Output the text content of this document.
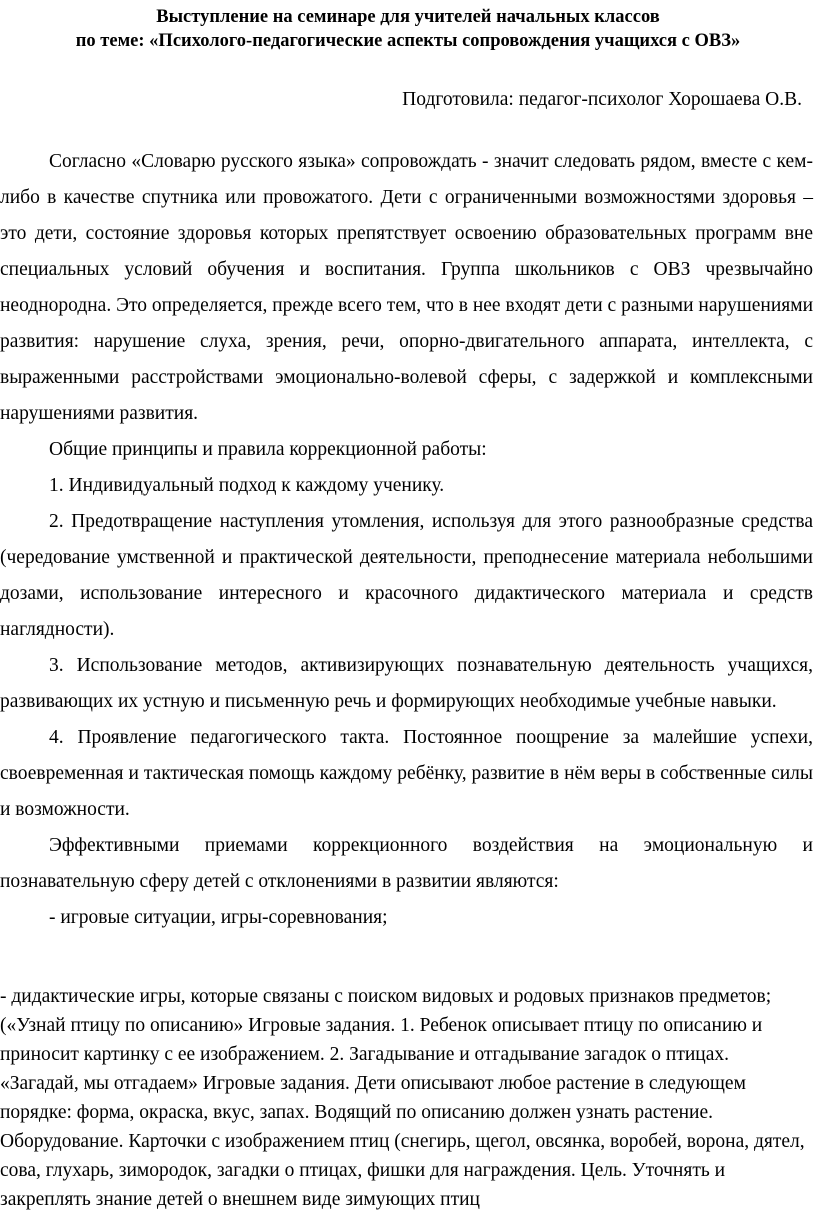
Выступление на семинаре для учителей начальных классов
по теме: «Психолого-педагогические аспекты сопровождения учащихся с ОВЗ»
Подготовила: педагог-психолог Хорошаева О.В.

Согласно «Словарю русского языка» сопровождать - значит следовать рядом, вместе с кем-либо в качестве спутника или провожатого. Дети с ограниченными возможностями здоровья – это дети, состояние здоровья которых препятствует освоению образовательных программ вне специальных условий обучения и воспитания. Группа школьников с ОВЗ чрезвычайно неоднородна. Это определяется, прежде всего тем, что в нее входят дети с разными нарушениями развития: нарушение слуха, зрения, речи, опорно-двигательного аппарата, интеллекта, с выраженными расстройствами эмоционально-волевой сферы, с задержкой и комплексными нарушениями развития.

Общие принципы и правила коррекционной работы:

1. Индивидуальный подход к каждому ученику.

2. Предотвращение наступления утомления, используя для этого разнообразные средства (чередование умственной и практической деятельности, преподнесение материала небольшими дозами, использование интересного и красочного дидактического материала и средств наглядности).

3. Использование методов, активизирующих познавательную деятельность учащихся, развивающих их устную и письменную речь и формирующих необходимые учебные навыки.

4. Проявление педагогического такта. Постоянное поощрение за малейшие успехи, своевременная и тактическая помощь каждому ребёнку, развитие в нём веры в собственные силы и возможности.

Эффективными приемами коррекционного воздействия на эмоциональную и познавательную сферу детей с отклонениями в развитии являются:

- игровые ситуации, игры-соревнования;

- дидактические игры, которые связаны с поиском видовых и родовых признаков предметов; («Узнай птицу по описанию» Игровые задания. 1. Ребенок описывает птицу по описанию и приносит картинку с ее изображением. 2. Загадывание и отгадывание загадок о птицах. «Загадай, мы отгадаем» Игровые задания. Дети описывают любое растение в следующем порядке: форма, окраска, вкус, запах. Водящий по описанию должен узнать растение. Оборудование. Карточки с изображением птиц (снегирь, щегол, овсянка, воробей, ворона, дятел, сова, глухарь, зимородок, загадки о птицах, фишки для награждения. Цель. Уточнять и закреплять знание детей о внешнем виде зимующих птиц
